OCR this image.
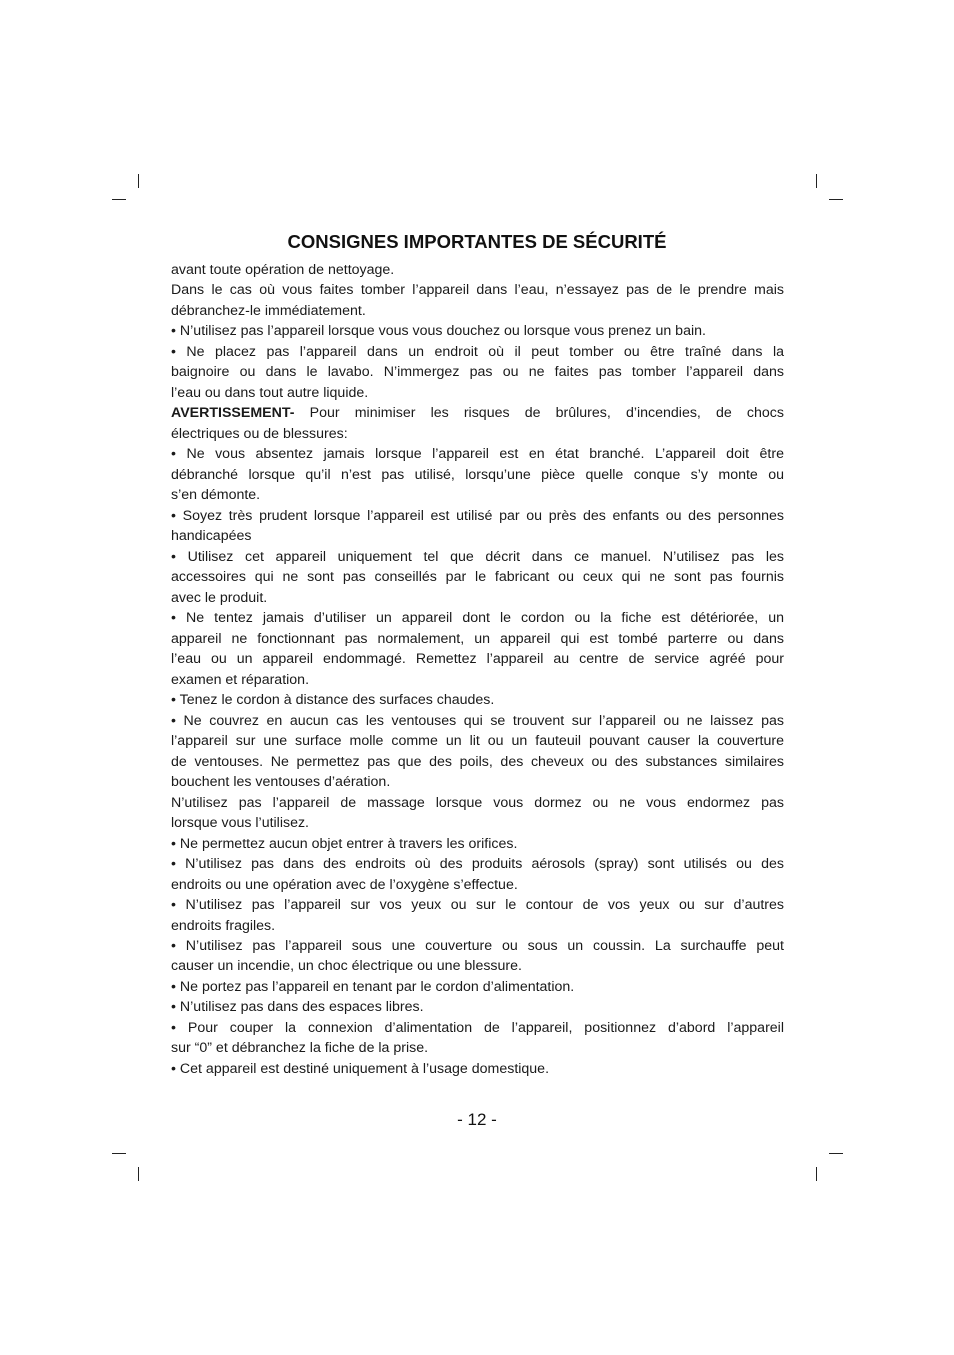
CONSIGNES IMPORTANTES DE SÉCURITÉ
avant toute opération de nettoyage.
Dans le cas où vous faites tomber l’appareil dans l’eau, n’essayez pas de le prendre mais
débranchez-le immédiatement.
• N’utilisez pas l’appareil lorsque vous vous douchez ou lorsque vous prenez un bain.
• Ne placez pas l’appareil dans un endroit où il peut tomber ou être traîné dans la
baignoire ou dans le lavabo. N’immergez pas ou ne faites pas tomber l’appareil dans
l’eau ou dans tout autre liquide.
AVERTISSEMENT- Pour minimiser les risques de brûlures, d’incendies, de chocs
électriques ou de blessures:
• Ne vous absentez jamais lorsque l’appareil est en état branché. L’appareil doit être
débranché lorsque qu’il n’est pas utilisé, lorsqu’une pièce quelle conque s’y monte ou
s’en démonte.
• Soyez très prudent lorsque l’appareil est utilisé par ou près des enfants ou des personnes
handicapées
• Utilisez cet appareil uniquement tel que décrit dans ce manuel. N’utilisez pas les
accessoires qui ne sont pas conseillés par le fabricant ou ceux qui ne sont pas fournis
avec le produit.
• Ne tentez jamais d’utiliser un appareil dont le cordon ou la fiche est détériorée, un
appareil ne fonctionnant pas normalement, un appareil qui est tombé parterre ou dans
l’eau ou un appareil endommagé. Remettez l’appareil au centre de service agréé pour
examen et réparation.
• Tenez le cordon à distance des surfaces chaudes.
• Ne couvrez en aucun cas les ventouses qui se trouvent sur l’appareil ou ne laissez pas
l’appareil sur une surface molle comme un lit ou un fauteuil pouvant causer la couverture
de ventouses. Ne permettez pas que des poils, des cheveux ou des substances similaires
bouchent les ventouses d’aération.
N’utilisez pas l’appareil de massage lorsque vous dormez ou ne vous endormez pas
lorsque vous l’utilisez.
• Ne permettez aucun objet entrer à travers les orifices.
• N’utilisez pas dans des endroits où des produits aérosols (spray) sont utilisés ou des
endroits ou une opération avec de l’oxygène s’effectue.
• N’utilisez pas l’appareil sur vos yeux ou sur le contour de vos yeux ou sur d’autres
endroits fragiles.
• N’utilisez pas l’appareil sous une couverture ou sous un coussin. La surchauffe peut
causer un incendie, un choc électrique ou une blessure.
• Ne portez pas l’appareil en tenant par le cordon d’alimentation.
• N’utilisez pas dans des espaces libres.
• Pour couper la connexion d’alimentation de l’appareil, positionnez d’abord l’appareil
sur “0” et débranchez la fiche de la prise.
• Cet appareil est destiné uniquement à l’usage domestique.
- 12 -
